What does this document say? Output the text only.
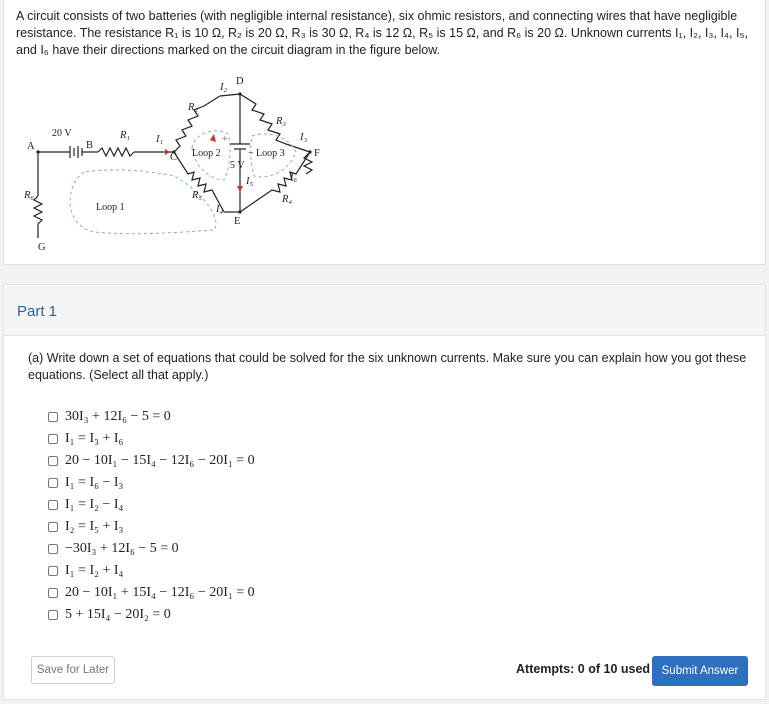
A circuit consists of two batteries (with negligible internal resistance), six ohmic resistors, and connecting wires that have negligible resistance. The resistance R₁ is 10 Ω, R₂ is 20 Ω, R₃ is 30 Ω, R₄ is 12 Ω, R₅ is 15 Ω, and R₆ is 20 Ω. Unknown currents I₁, I₂, I₃, I₄, I₅, and I₆ have their directions marked on the circuit diagram in the figure below.

A	B
C
D
E
F
G
20 V
5 V
R₁
R₂
R₃
R₄
R₅
R₆
I₁
I₂
I₃
I₄
I₅	I₆
Loop 1
Loop 2	Loop 3
+
−
Part 1

(a) Write down a set of equations that could be solved for the six unknown currents. Make sure you can explain how you got these equations. (Select all that apply.)

30I₃ + 12I₆ − 5 = 0
I₁ = I₃ + I₆
20 − 10I₁ − 15I₄ − 12I₆ − 20I₁ = 0
I₁ = I₆ − I₃
I₁ = I₂ − I₄
I₂ = I₅ + I₃
−30I₃ + 12I₆ − 5 = 0
I₁ = I₂ + I₄
20 − 10I₁ + 15I₄ − 12I₆ − 20I₁ = 0
5 + 15I₄ − 20I₂ = 0
Save for Later	Attempts: 0 of 10 used	Submit Answer
